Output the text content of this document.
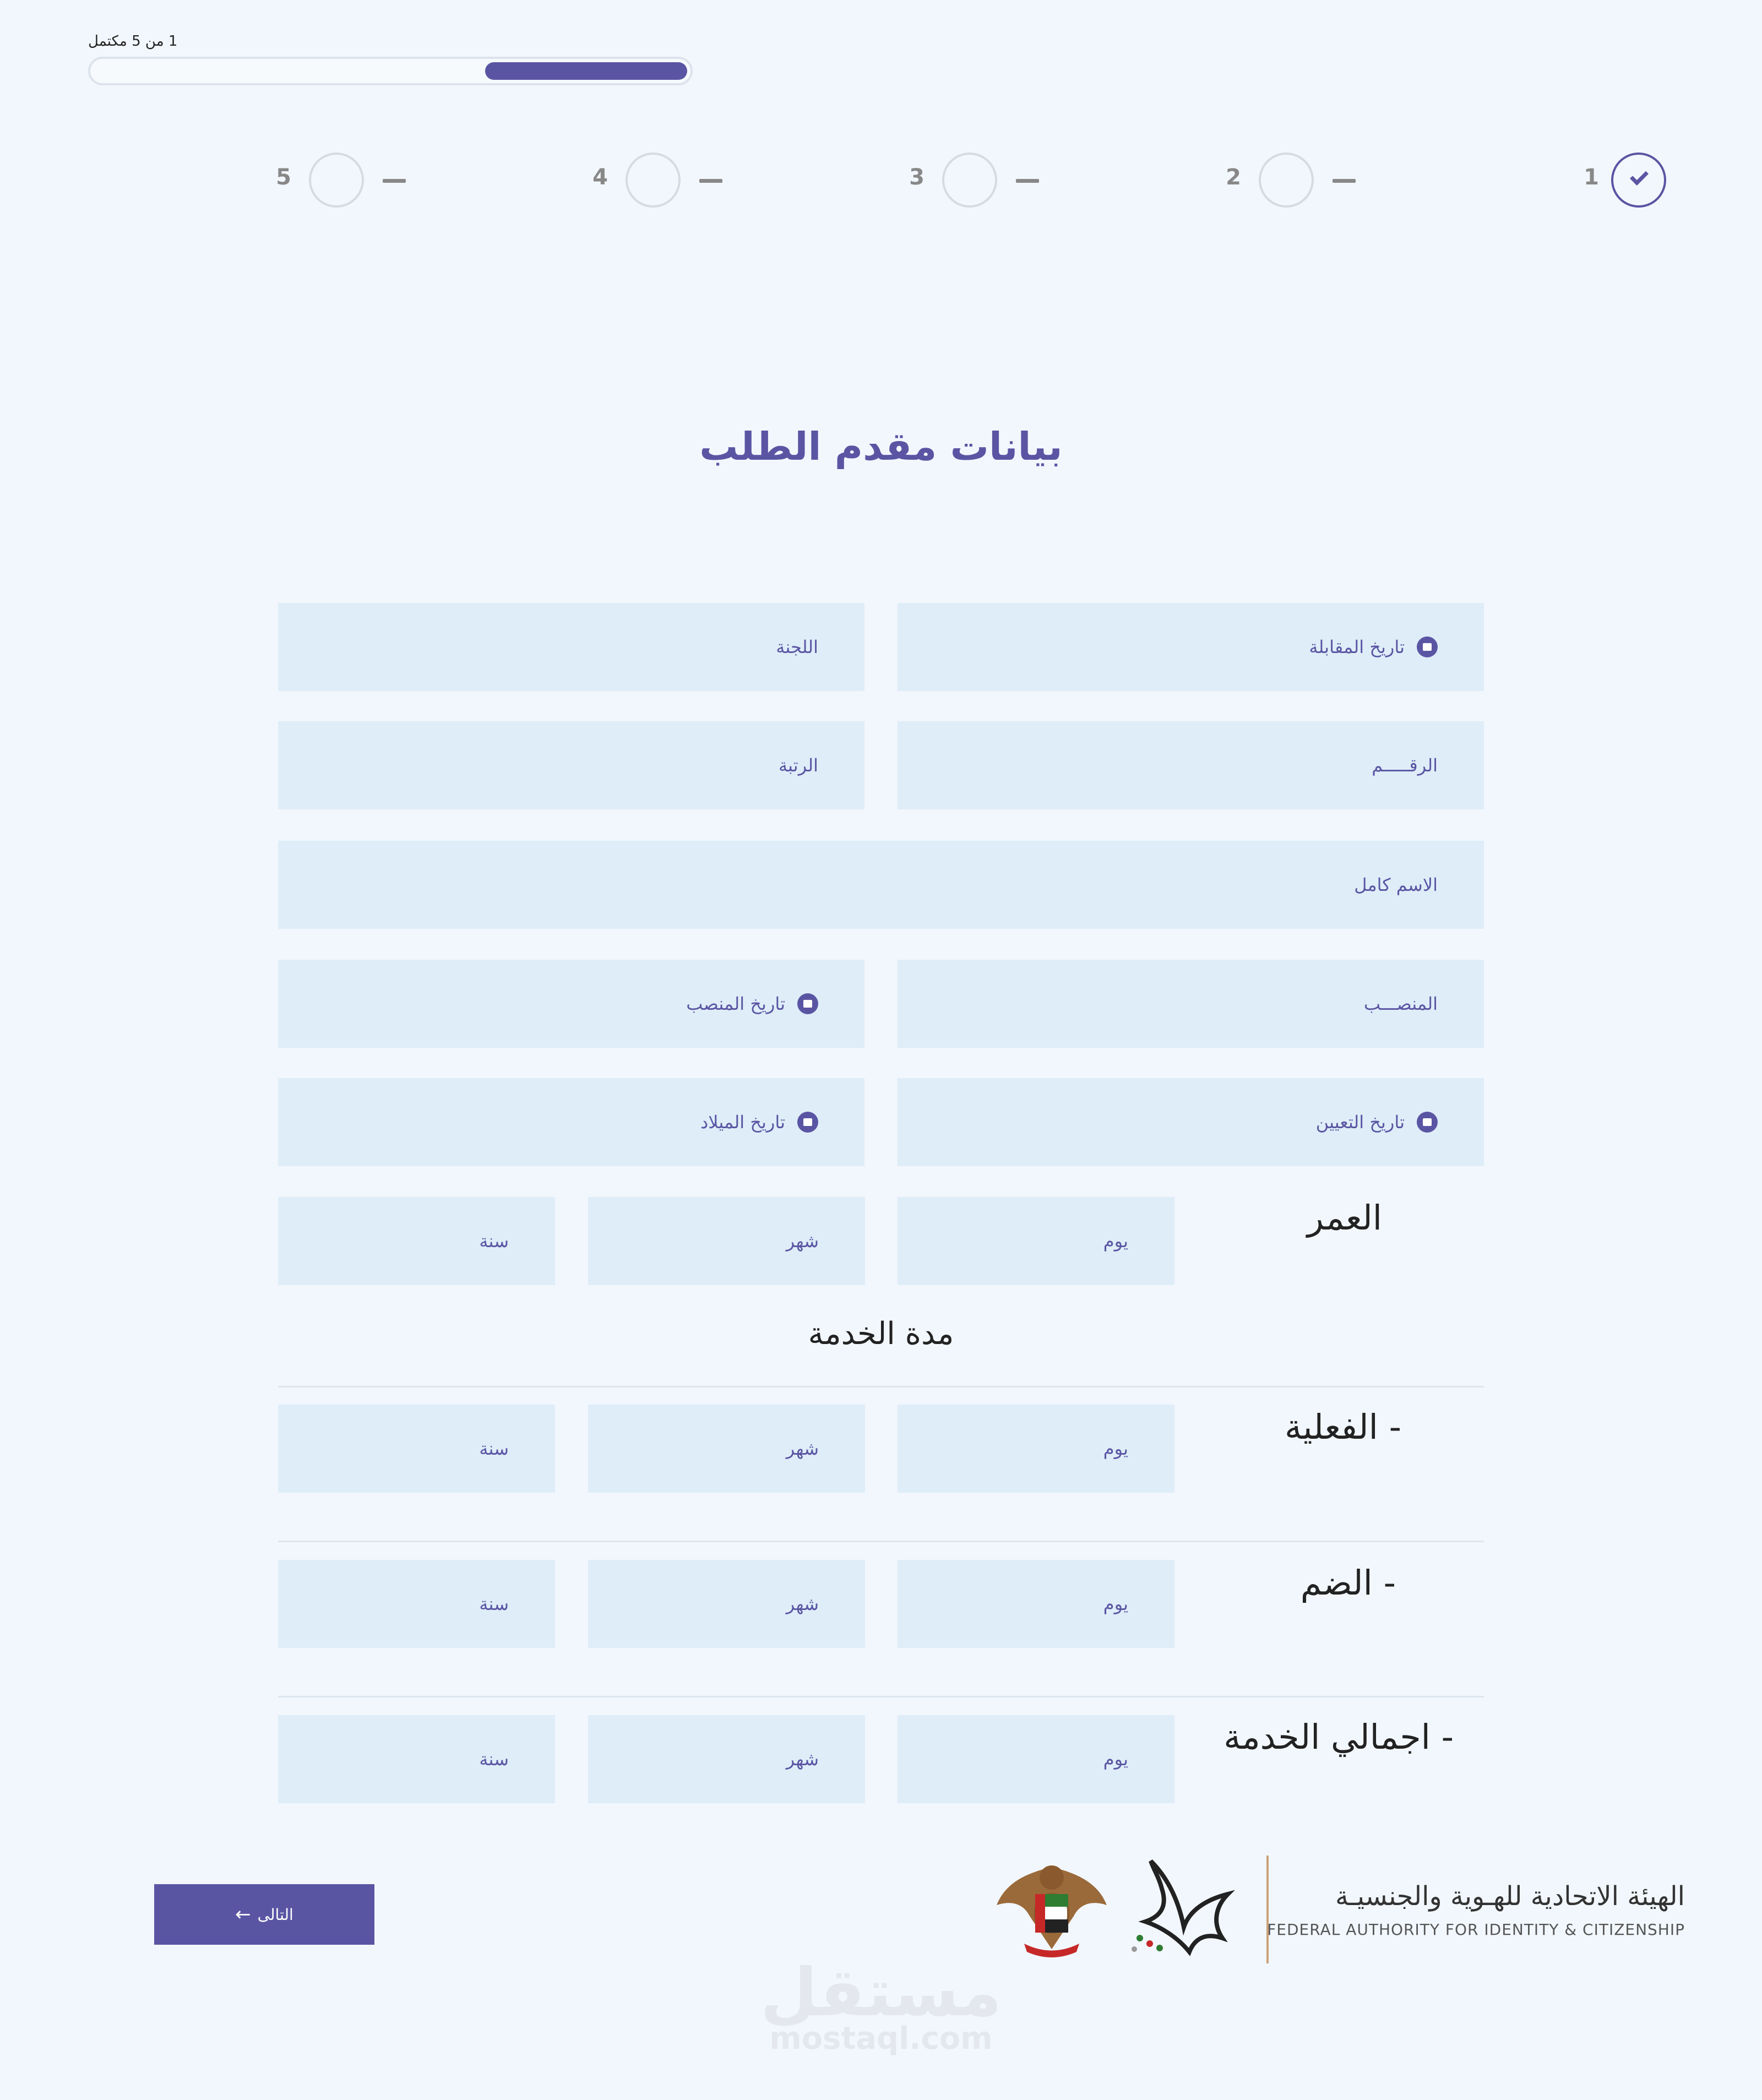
1 من 5 مكتمل
1
2
3
4
5
بيانات مقدم الطلب
تاريخ المقابلة
اللجنة
الرقـــــم
الرتبة
الاسم كامل
المنصـــب
تاريخ المنصب
تاريخ التعيين
تاريخ الميلاد
العمر
يوم
شهر
سنة
مدة الخدمة
- الفعلية
يوم
شهر
سنة
- الضم
يوم
شهر
سنة
- اجمالي الخدمة
يوم
شهر
سنة
التالى
←
الهيئة الاتحادية للهـوية والجنسيـة
FEDERAL AUTHORITY FOR IDENTITY & CITIZENSHIP
مستقل
mostaql.com
